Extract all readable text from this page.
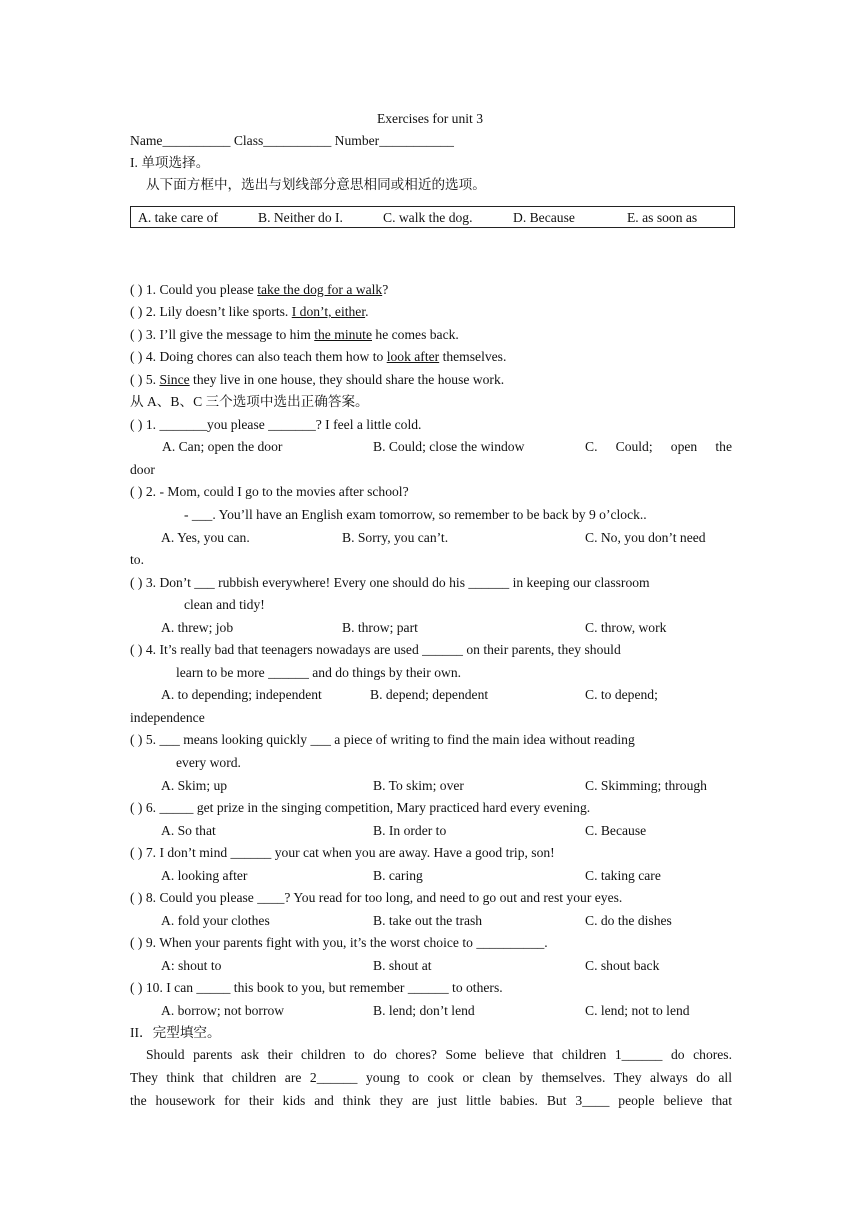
Exercises for unit 3
Name__________ Class__________ Number___________
I. 单项选择。
从下面方框中，选出与划线部分意思相同或相近的选项。
A. take care of	B. Neither do I.	C. walk the dog.	D. Because	E. as soon as
( ) 1. Could you please take the dog for a walk?
( ) 2. Lily doesn’t like sports. I don’t, either.
( ) 3. I’ll give the message to him the minute he comes back.
( ) 4. Doing chores can also teach them how to look after themselves.
( ) 5. Since they live in one house, they should share the house work.
从 A、B、C 三个选项中选出正确答案。
( ) 1. _______you please _______? I feel a little cold.
A. Can; open the door	B. Could; close the window	C. Could; open the
door
( ) 2. - Mom, could I go to the movies after school?
- ___. You’ll have an English exam tomorrow, so remember to be back by 9 o’clock..
A. Yes, you can.	B. Sorry, you can’t.	C. No, you don’t need
to.
( ) 3. Don’t ___ rubbish everywhere! Every one should do his ______ in keeping our classroom
clean and tidy!
A. threw; job	B. throw; part	C. throw, work
( ) 4. It’s really bad that teenagers nowadays are used ______ on their parents, they should
learn to be more ______ and do things by their own.
A. to depending; independent	B. depend; dependent	C. to depend;
independence
( ) 5. ___ means looking quickly ___ a piece of writing to find the main idea without reading
every word.
A. Skim; up	B. To skim; over	C. Skimming; through
( ) 6. _____ get prize in the singing competition, Mary practiced hard every evening.
A. So that	B. In order to	C. Because
( ) 7. I don’t mind ______ your cat when you are away. Have a good trip, son!
A. looking after	B. caring	C. taking care
( ) 8. Could you please ____? You read for too long, and need to go out and rest your eyes.
A. fold your clothes	B. take out the trash	C. do the dishes
( ) 9. When your parents fight with you, it’s the worst choice to __________.
A: shout to	B. shout at	C. shout back
( ) 10. I can _____ this book to you, but remember ______ to others.
A. borrow; not borrow	B. lend; don’t lend	C. lend; not to lend
II．完型填空。
Should parents ask their children to do chores? Some believe that children 1______ do chores.
They think that children are 2______ young to cook or clean by themselves. They always do all
the housework for their kids and think they are just little babies. But 3____ people believe that
